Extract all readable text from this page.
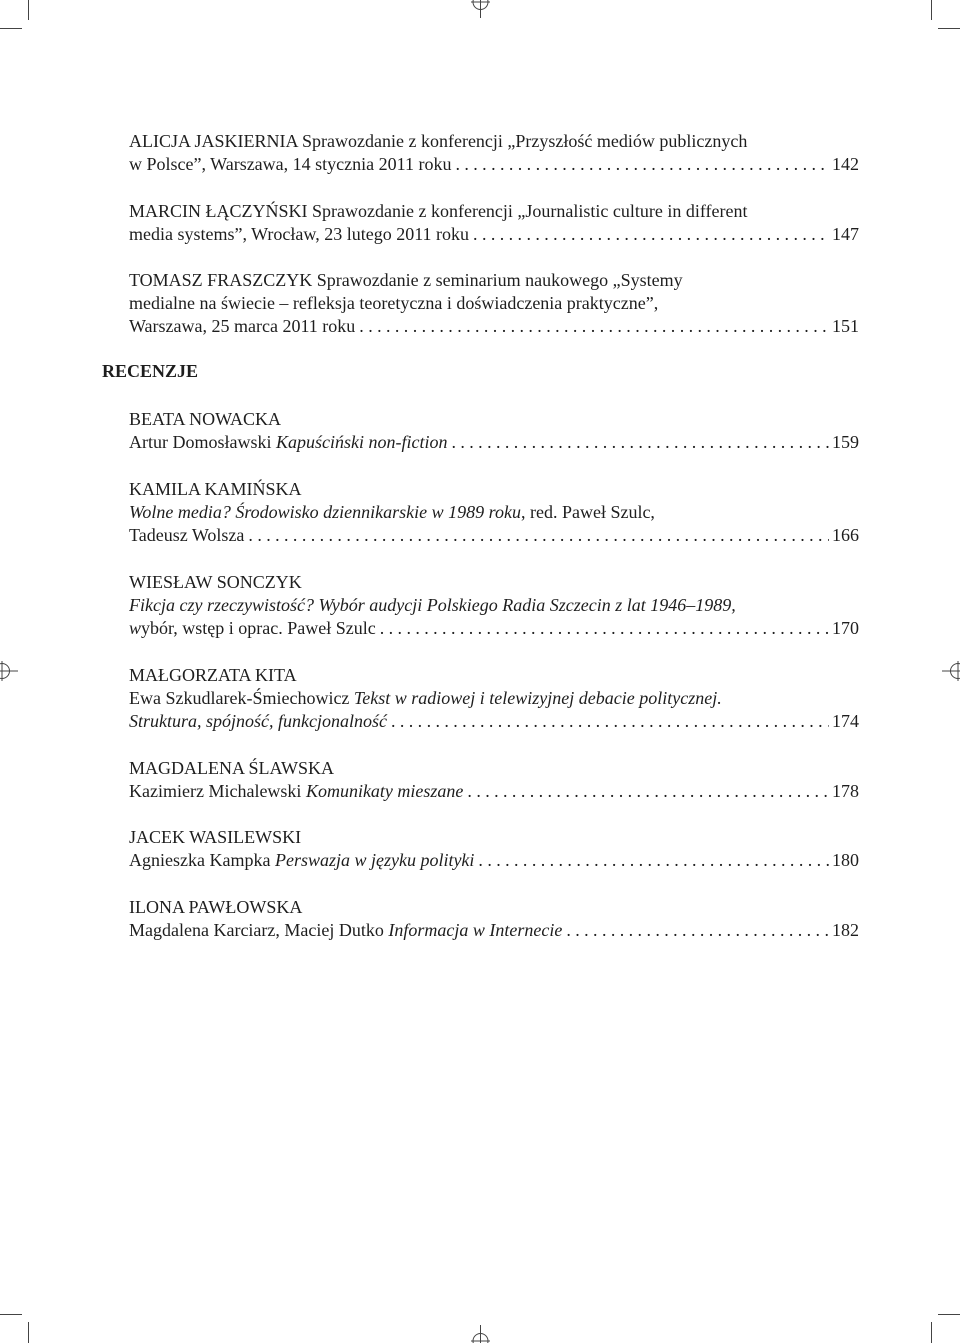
ALICJA JASKIERNIA Sprawozdanie z konferencji „Przyszłość mediów publicznych
w Polsce”, Warszawa, 14 stycznia 2011 roku .....	142
MARCIN ŁĄCZYŃSKI Sprawozdanie z konferencji „Journalistic culture in different
media systems”, Wrocław, 23 lutego 2011 roku .....	147
TOMASZ FRASZCZYK Sprawozdanie z seminarium naukowego „Systemy
medialne na świecie – refleksja teoretyczna i doświadczenia praktyczne”,
Warszawa, 25 marca 2011 roku .....	151
RECENZJE
BEATA NOWACKA
Artur Domosławski Kapuściński non-fiction .....	159
KAMILA KAMIŃSKA
Wolne media? Środowisko dziennikarskie w 1989 roku, red. Paweł Szulc,
Tadeusz Wolsza .....	166
WIESŁAW SONCZYK
Fikcja czy rzeczywistość? Wybór audycji Polskiego Radia Szczecin z lat 1946–1989,
wybór, wstęp i oprac. Paweł Szulc .....	170
MAŁGORZATA KITA
Ewa Szkudlarek-Śmiechowicz Tekst w radiowej i telewizyjnej debacie politycznej.
Struktura, spójność, funkcjonalność .....	174
MAGDALENA ŚLAWSKA
Kazimierz Michalewski Komunikaty mieszane .....	178
JACEK WASILEWSKI
Agnieszka Kampka Perswazja w języku polityki .....	180
ILONA PAWŁOWSKA
Magdalena Karciarz, Maciej Dutko Informacja w Internecie .....	182
